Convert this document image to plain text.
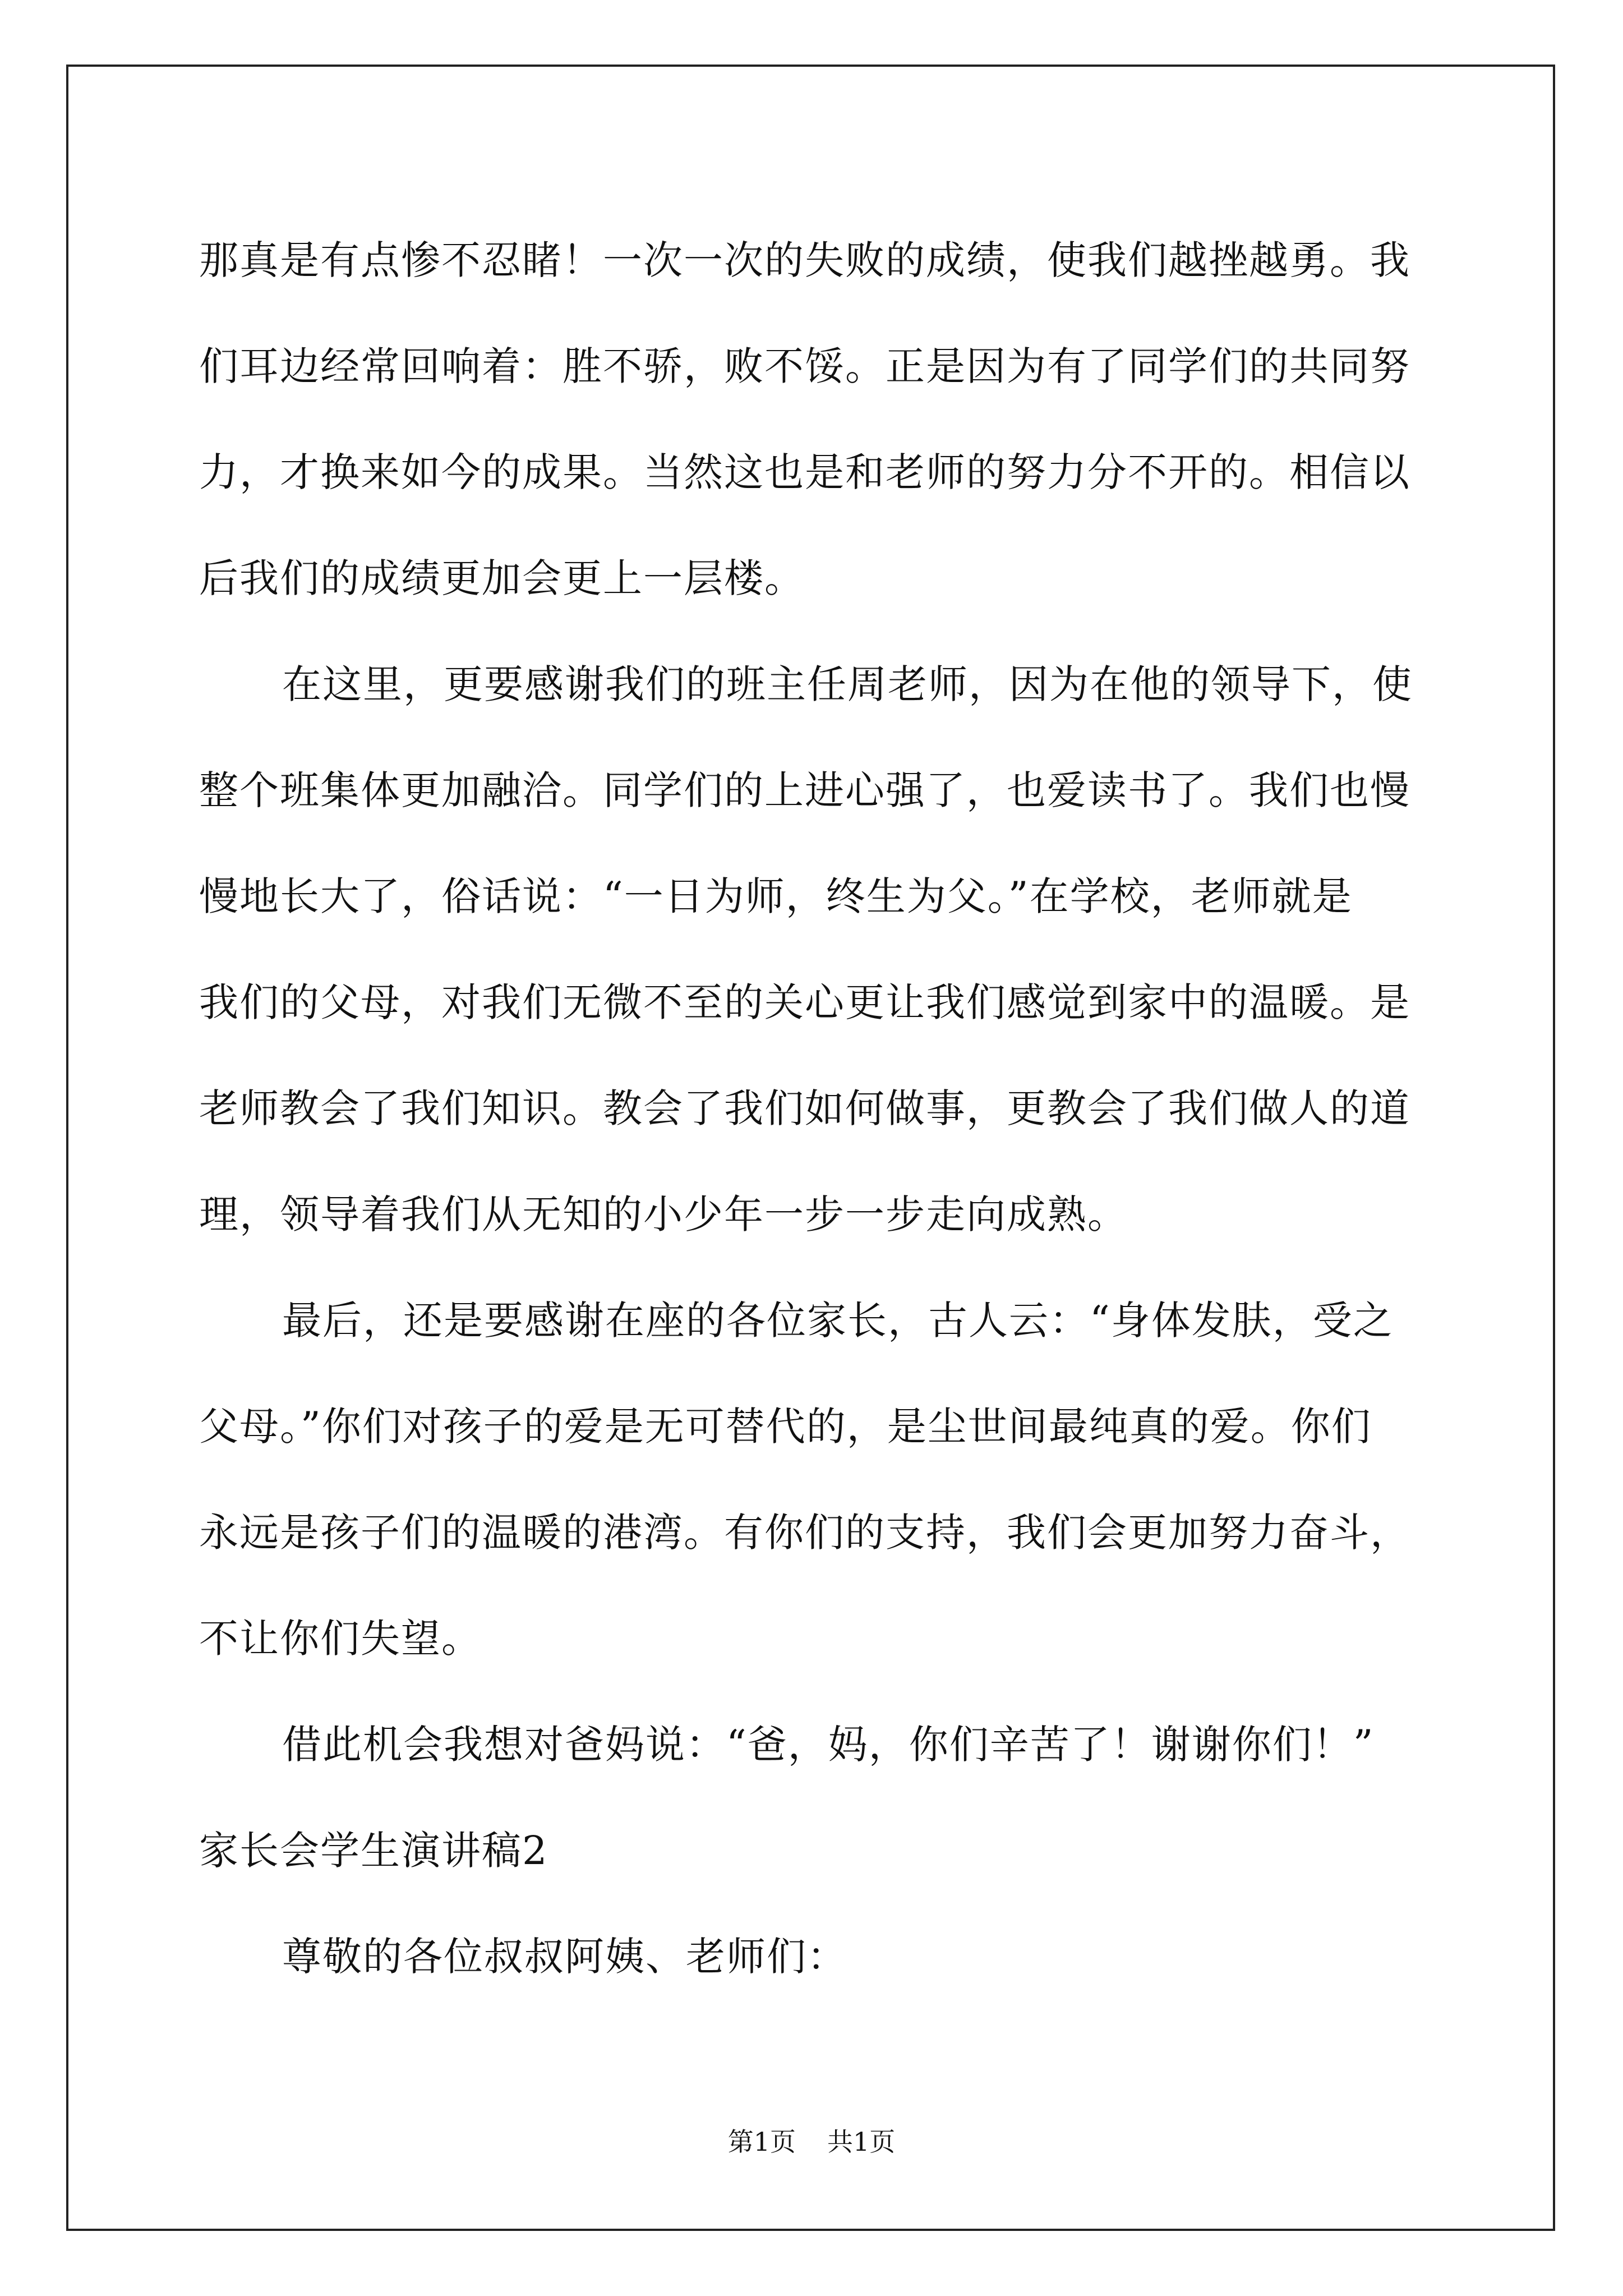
那真是有点惨不忍睹！一次一次的失败的成绩，使我们越挫越勇。我
们耳边经常回响着：胜不骄，败不馁。正是因为有了同学们的共同努
力，才换来如今的成果。当然这也是和老师的努力分不开的。相信以
后我们的成绩更加会更上一层楼。
在这里，更要感谢我们的班主任周老师，因为在他的领导下，使
整个班集体更加融洽。同学们的上进心强了，也爱读书了。我们也慢
慢地长大了，俗话说：“一日为师，终生为父。”在学校，老师就是
我们的父母，对我们无微不至的关心更让我们感觉到家中的温暖。是
老师教会了我们知识。教会了我们如何做事，更教会了我们做人的道
理，领导着我们从无知的小少年一步一步走向成熟。
最后，还是要感谢在座的各位家长，古人云：“身体发肤，受之
父母。”你们对孩子的爱是无可替代的，是尘世间最纯真的爱。你们
永远是孩子们的温暖的港湾。有你们的支持，我们会更加努力奋斗，
不让你们失望。
借此机会我想对爸妈说：“爸，妈，你们辛苦了！谢谢你们！”
家长会学生演讲稿2
尊敬的各位叔叔阿姨、老师们：
第1页 共1页
